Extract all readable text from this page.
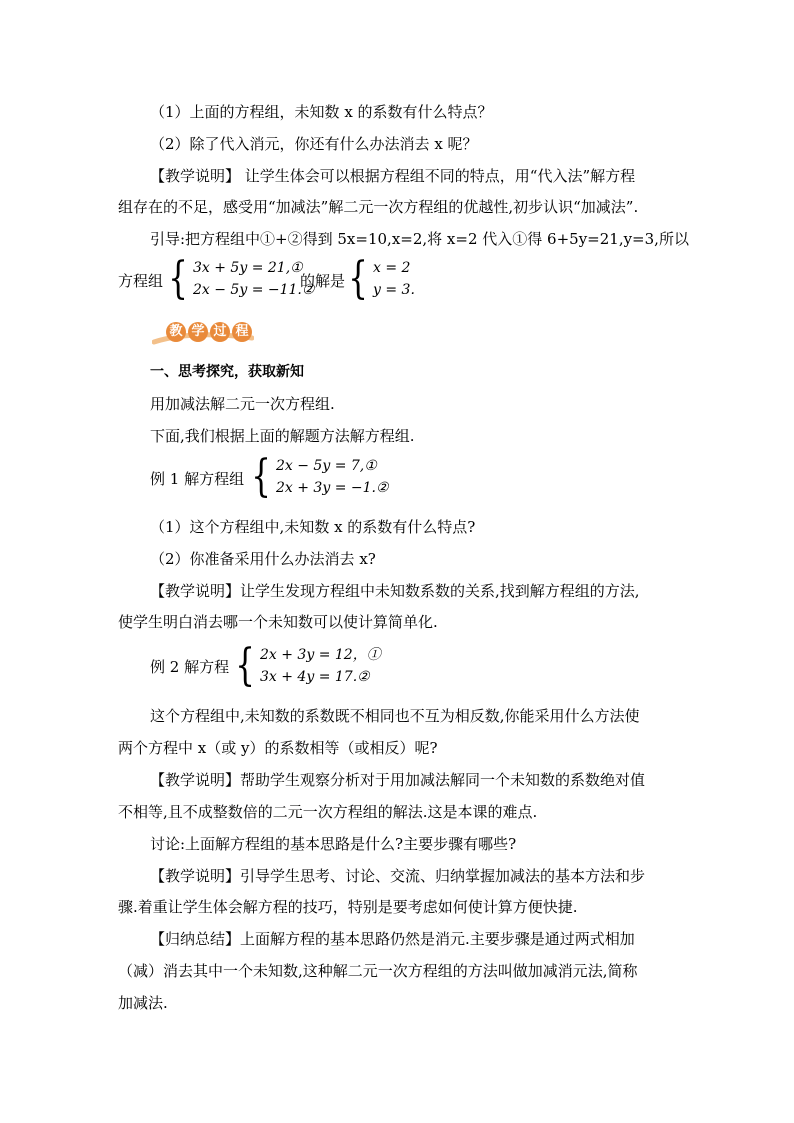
（1）上面的方程组，未知数 x 的系数有什么特点？

（2）除了代入消元，你还有什么办法消去 x 呢？

【教学说明】 让学生体会可以根据方程组不同的特点，用“代入法”解方程

组存在的不足，感受用“加减法”解二元一次方程组的优越性,初步认识“加减法”.

引导:把方程组中①+②得到 5x=10,x=2,将 x=2 代入①得 6+5y=21,y=3,所以

方程组 { 3x + 5y = 21,①
2x − 5y = −11.②

的解是 { x = 2
y = 3.
教 学 过 程

一、思考探究，获取新知

用加减法解二元一次方程组.

下面,我们根据上面的解题方法解方程组.

例 1 解方程组 { 2x − 5y = 7,①
2x + 3y = −1.②

（1）这个方程组中,未知数 x 的系数有什么特点?

（2）你准备采用什么办法消去 x?

【教学说明】让学生发现方程组中未知数系数的关系,找到解方程组的方法,

使学生明白消去哪一个未知数可以使计算简单化.

例 2 解方程 { 2x + 3y = 12，①
3x + 4y = 17.②

这个方程组中,未知数的系数既不相同也不互为相反数,你能采用什么方法使

两个方程中 x（或 y）的系数相等（或相反）呢?

【教学说明】帮助学生观察分析对于用加减法解同一个未知数的系数绝对值

不相等,且不成整数倍的二元一次方程组的解法.这是本课的难点.

讨论:上面解方程组的基本思路是什么?主要步骤有哪些?

【教学说明】引导学生思考、讨论、交流、归纳掌握加减法的基本方法和步

骤.着重让学生体会解方程的技巧，特别是要考虑如何使计算方便快捷.

【归纳总结】上面解方程的基本思路仍然是消元.主要步骤是通过两式相加

（减）消去其中一个未知数,这种解二元一次方程组的方法叫做加减消元法,简称

加减法.
